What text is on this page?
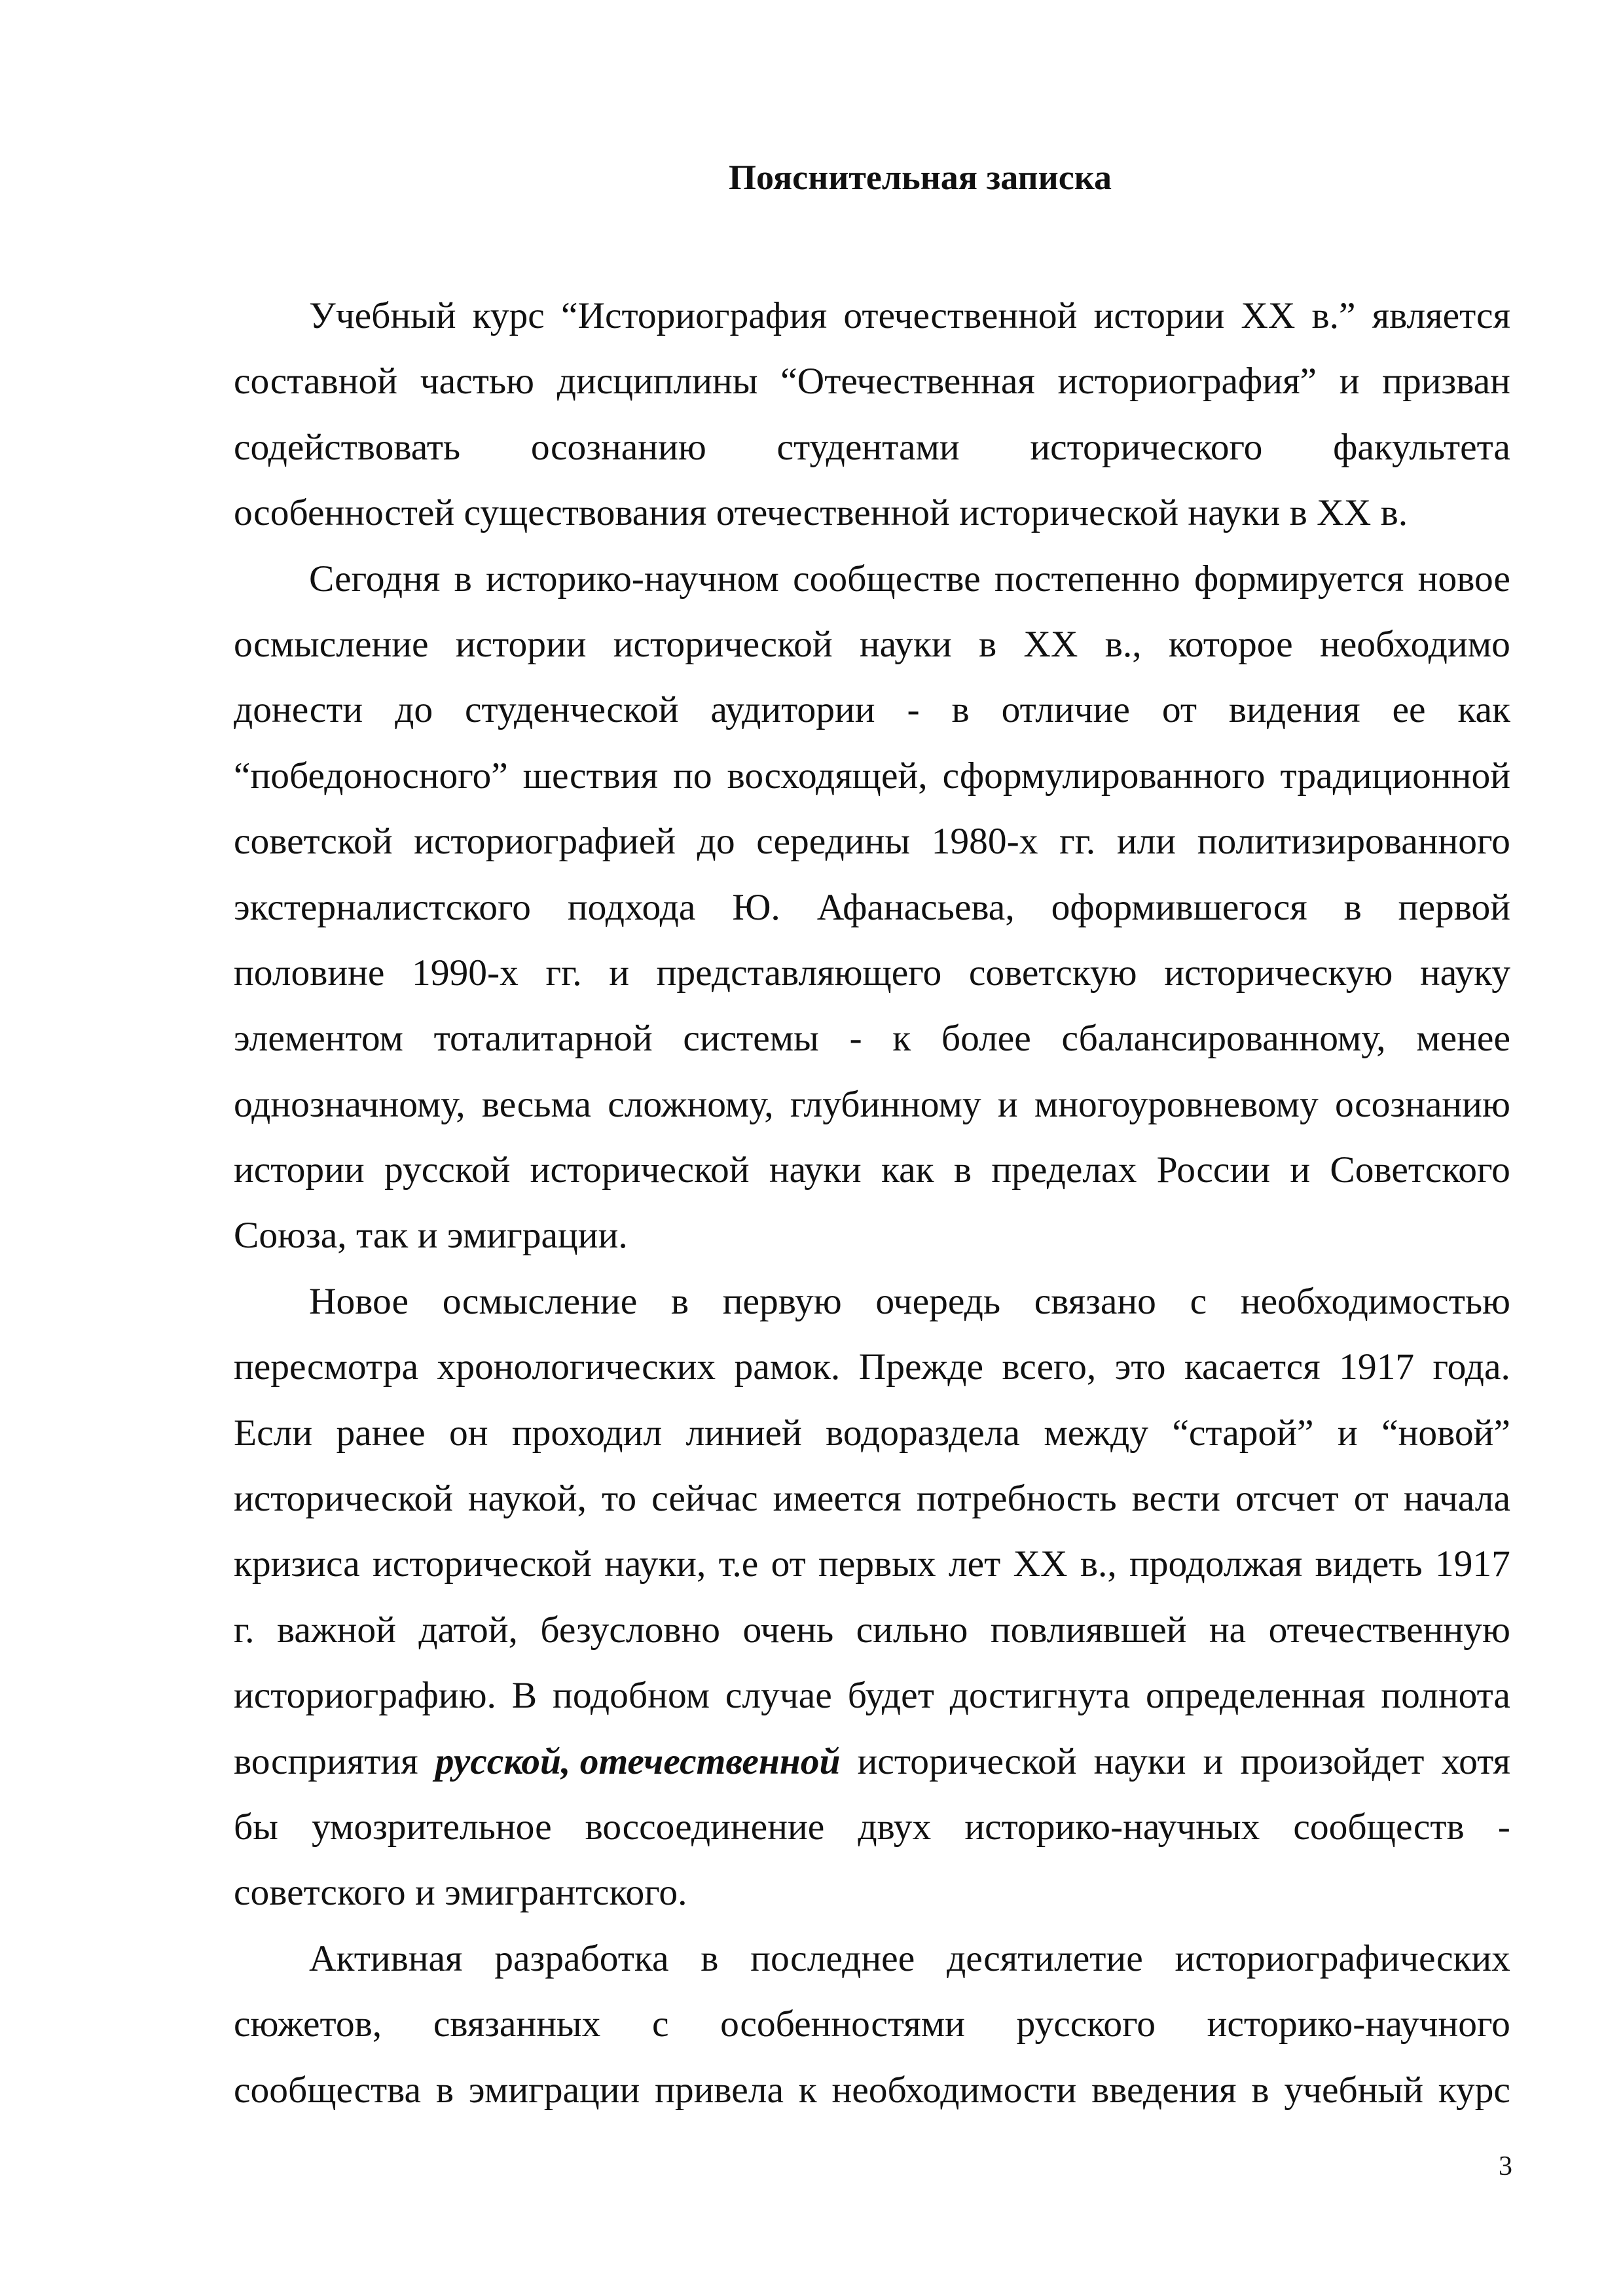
Пояснительная записка
Учебный курс “Историография отечественной истории ХХ в.” является
составной частью дисциплины “Отечественная историография” и призван
содействовать осознанию студентами исторического факультета
особенностей существования отечественной исторической науки в ХХ в.
Сегодня в историко-научном сообществе постепенно формируется новое
осмысление истории исторической науки в ХХ в., которое необходимо
донести до студенческой аудитории - в отличие от видения ее как
“победоносного” шествия по восходящей, сформулированного традиционной
советской историографией до середины 1980-х гг. или политизированного
экстерналистского подхода Ю. Афанасьева, оформившегося в первой
половине 1990-х гг. и представляющего советскую историческую науку
элементом тоталитарной системы - к более сбалансированному, менее
однозначному, весьма сложному, глубинному и многоуровневому осознанию
истории русской исторической науки как в пределах России и Советского
Союза, так и эмиграции.
Новое осмысление в первую очередь связано с необходимостью
пересмотра хронологических рамок. Прежде всего, это касается 1917 года.
Если ранее он проходил линией водораздела между “старой” и “новой”
исторической наукой, то сейчас имеется потребность вести отсчет от начала
кризиса исторической науки, т.е от первых лет ХХ в., продолжая видеть 1917
г. важной датой, безусловно очень сильно повлиявшей на отечественную
историографию. В подобном случае будет достигнута определенная полнота
восприятия русской, отечественной исторической науки и произойдет хотя
бы умозрительное воссоединение двух историко-научных сообществ -
советского и эмигрантского.
Активная разработка в последнее десятилетие историографических
сюжетов, связанных с особенностями русского историко-научного
сообщества в эмиграции привела к необходимости введения в учебный курс
3
